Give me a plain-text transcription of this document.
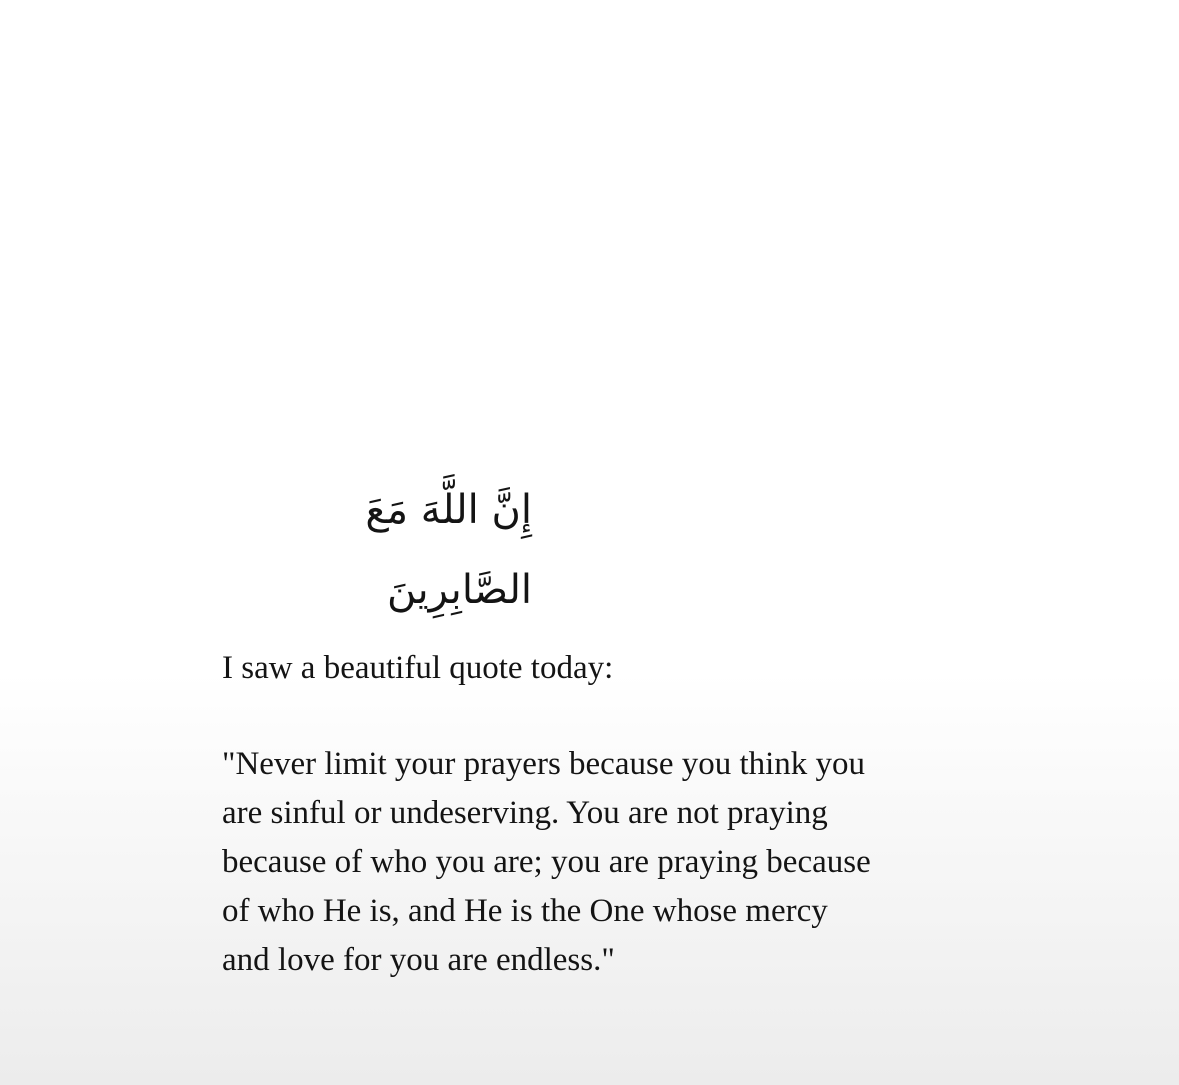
إِنَّ اللَّهَ مَعَ الصَّابِرِينَ
I saw a beautiful quote today:
"Never limit your prayers because you think you
are sinful or undeserving. You are not praying
because of who you are; you are praying because
of who He is, and He is the One whose mercy
and love for you are endless."
